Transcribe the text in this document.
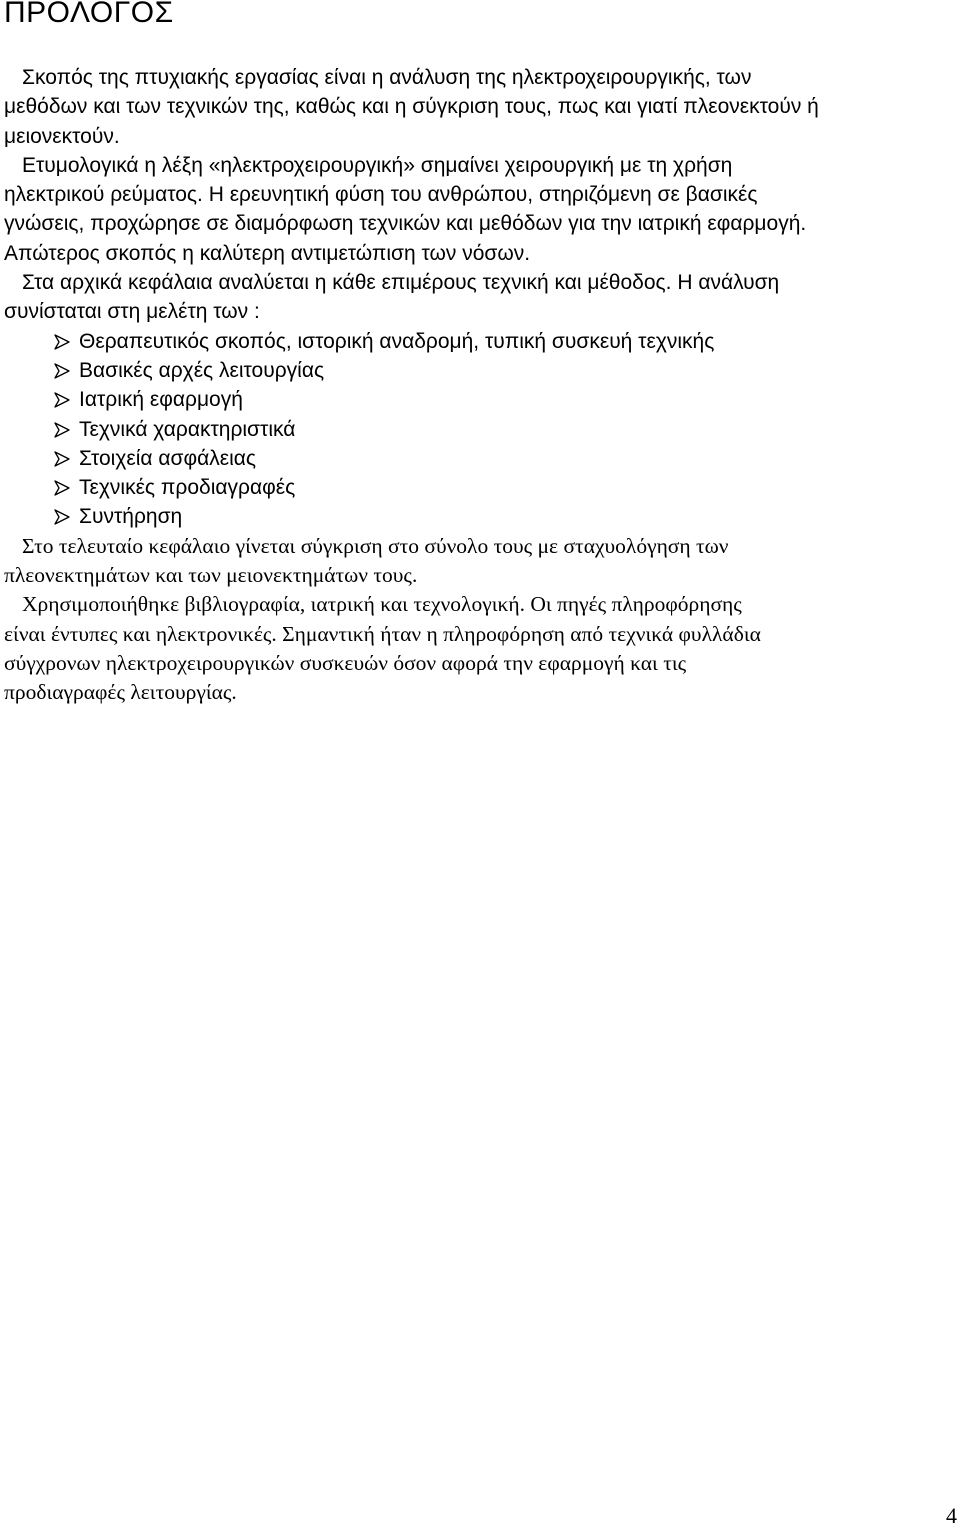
ΠΡΟΛΟΓΟΣ
Σκοπός της πτυχιακής εργασίας είναι η ανάλυση της ηλεκτροχειρουργικής, των
μεθόδων και των τεχνικών της, καθώς και η σύγκριση τους, πως και γιατί πλεονεκτούν ή
μειονεκτούν.
Ετυμολογικά η λέξη «ηλεκτροχειρουργική» σημαίνει χειρουργική με τη χρήση
ηλεκτρικού ρεύματος. Η ερευνητική φύση του ανθρώπου, στηριζόμενη σε βασικές
γνώσεις, προχώρησε σε διαμόρφωση τεχνικών και μεθόδων για την ιατρική εφαρμογή.
Απώτερος σκοπός η καλύτερη αντιμετώπιση των νόσων.
Στα αρχικά κεφάλαια αναλύεται η κάθε επιμέρους τεχνική και μέθοδος. Η ανάλυση
συνίσταται στη μελέτη των :
Θεραπευτικός σκοπός, ιστορική αναδρομή, τυπική συσκευή τεχνικής
Βασικές αρχές λειτουργίας
Ιατρική εφαρμογή
Τεχνικά χαρακτηριστικά
Στοιχεία ασφάλειας
Τεχνικές προδιαγραφές
Συντήρηση
Στο τελευταίο κεφάλαιο γίνεται σύγκριση στο σύνολο τους με σταχυολόγηση των
πλεονεκτημάτων και των μειονεκτημάτων τους.
Χρησιμοποιήθηκε βιβλιογραφία, ιατρική και τεχνολογική. Οι πηγές πληροφόρησης
είναι έντυπες και ηλεκτρονικές. Σημαντική ήταν η πληροφόρηση από τεχνικά φυλλάδια
σύγχρονων ηλεκτροχειρουργικών συσκευών όσον αφορά την εφαρμογή και τις
προδιαγραφές λειτουργίας.
4
